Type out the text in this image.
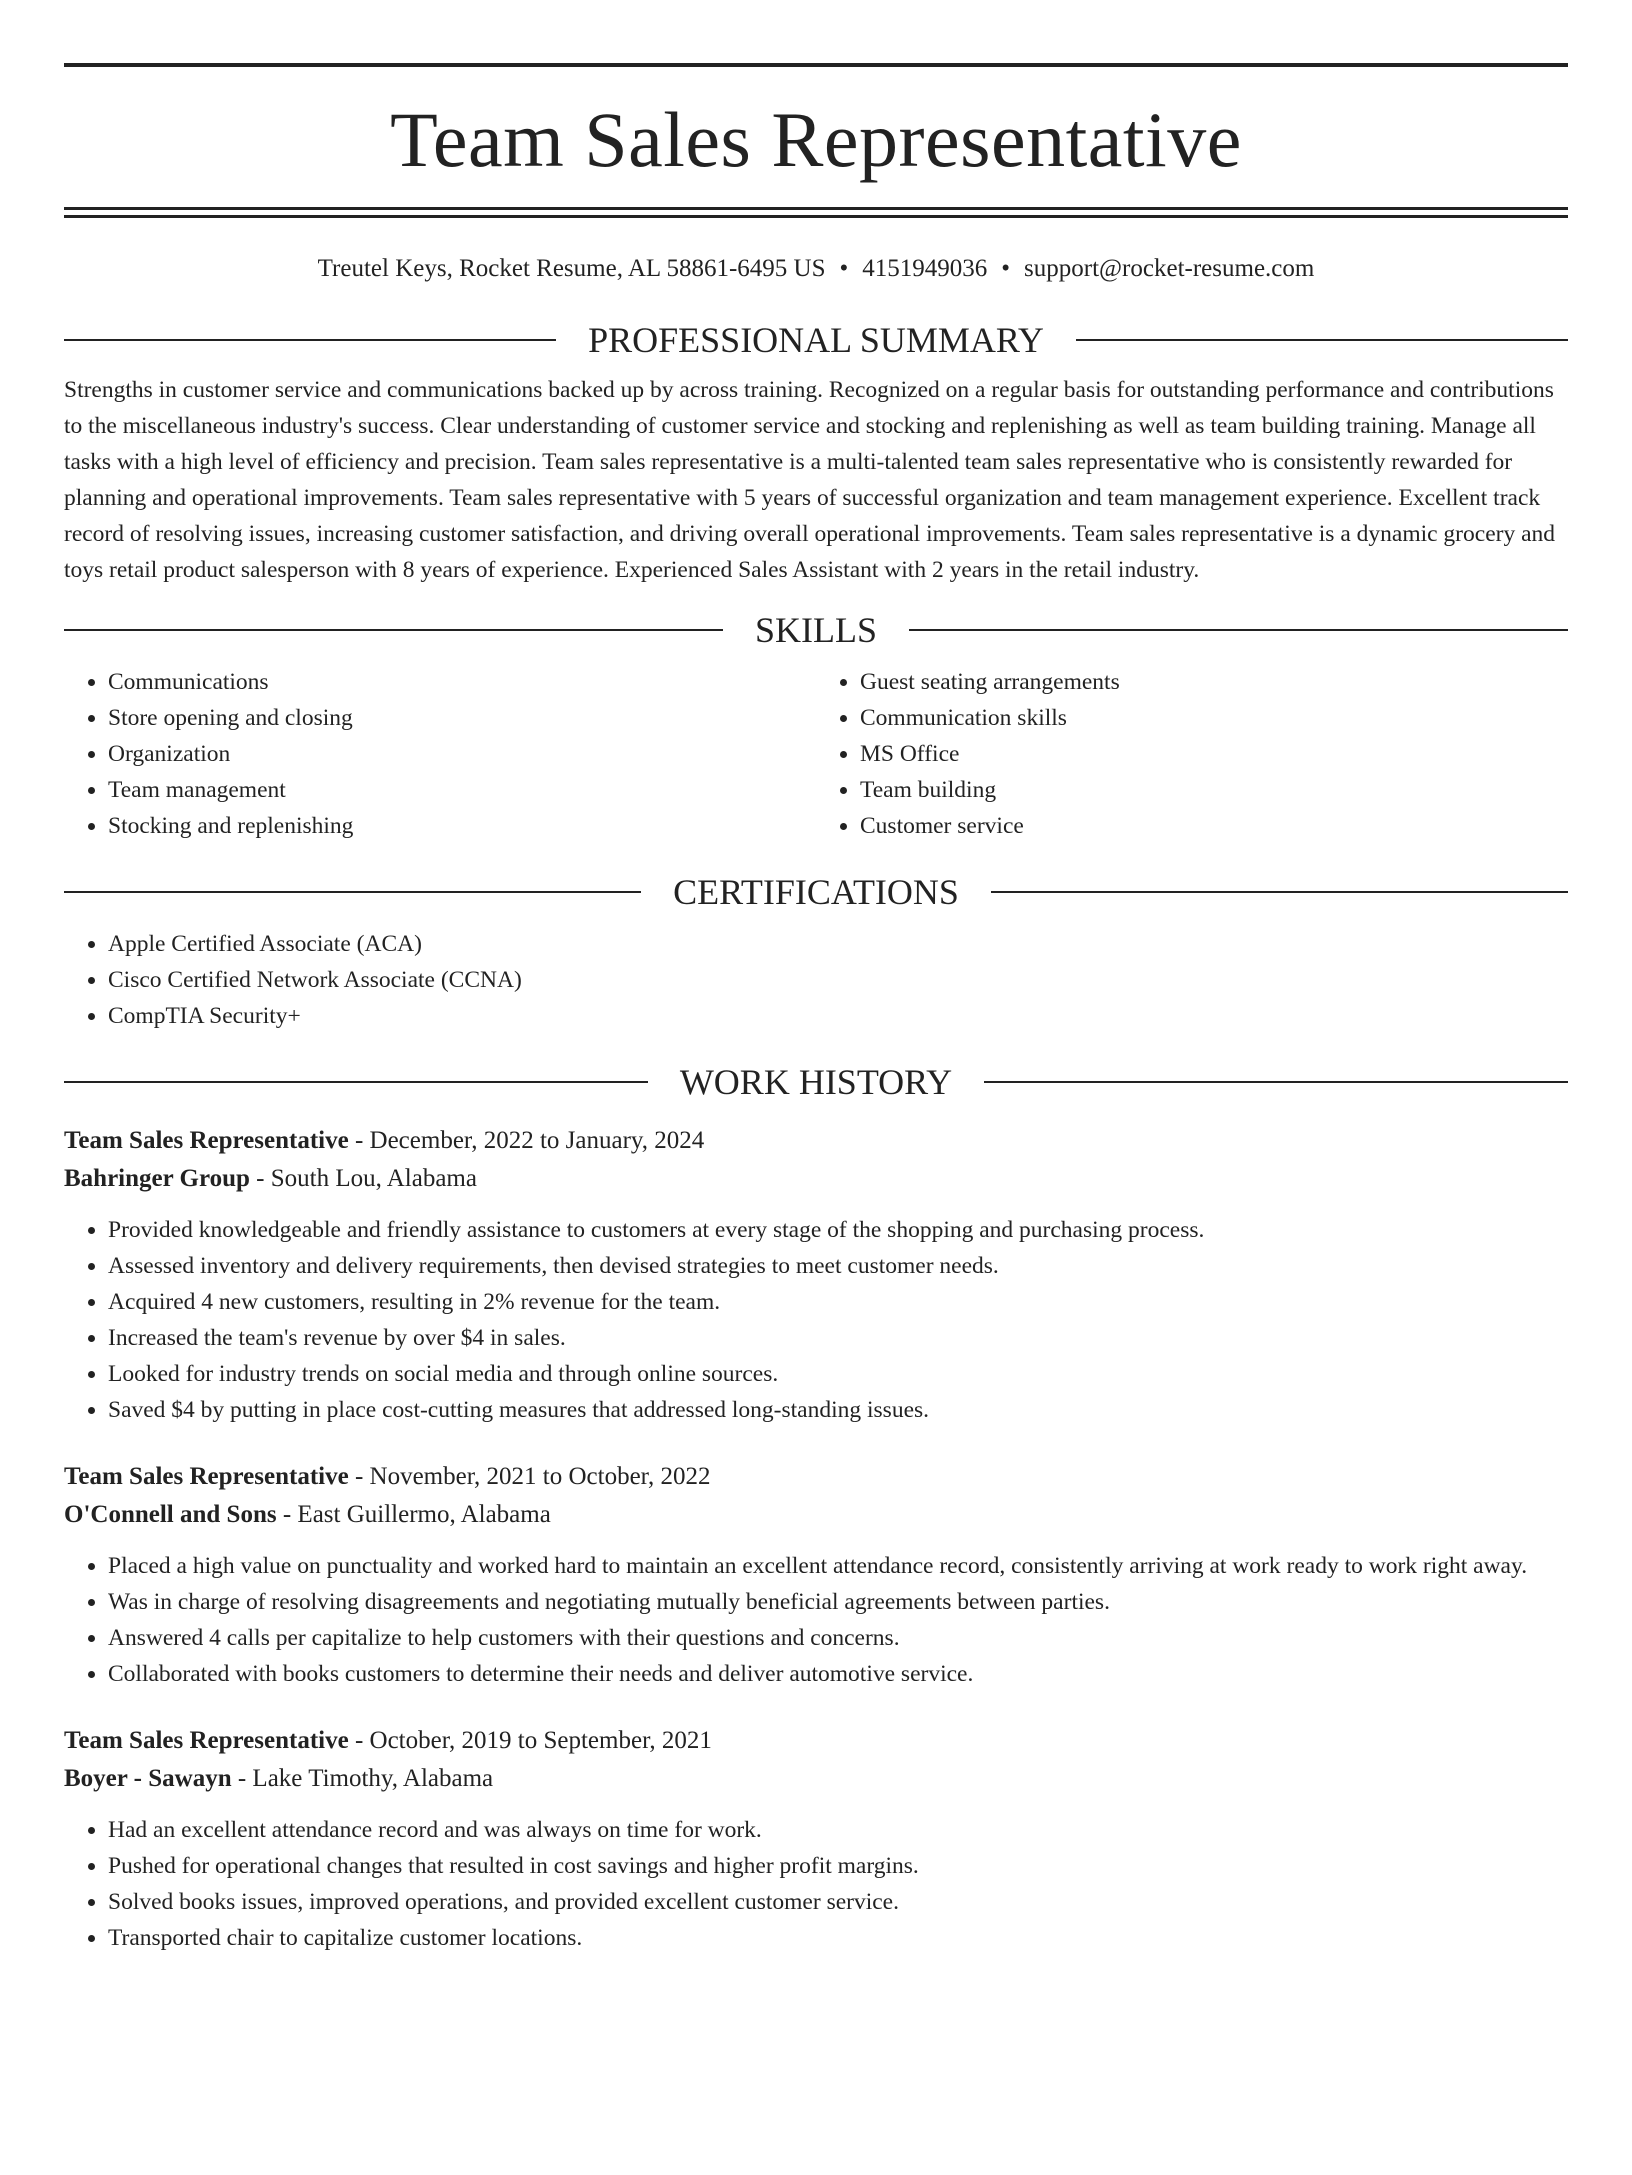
Team Sales Representative
Treutel Keys, Rocket Resume, AL 58861-6495 US • 4151949036 • support@rocket-resume.com
PROFESSIONAL SUMMARY
Strengths in customer service and communications backed up by across training. Recognized on a regular basis for outstanding performance and contributions to the miscellaneous industry's success. Clear understanding of customer service and stocking and replenishing as well as team building training. Manage all tasks with a high level of efficiency and precision. Team sales representative is a multi-talented team sales representative who is consistently rewarded for planning and operational improvements. Team sales representative with 5 years of successful organization and team management experience. Excellent track record of resolving issues, increasing customer satisfaction, and driving overall operational improvements. Team sales representative is a dynamic grocery and toys retail product salesperson with 8 years of experience. Experienced Sales Assistant with 2 years in the retail industry.
SKILLS
• Communications
• Store opening and closing
• Organization
• Team management
• Stocking and replenishing
• Guest seating arrangements
• Communication skills
• MS Office
• Team building
• Customer service
CERTIFICATIONS
• Apple Certified Associate (ACA)
• Cisco Certified Network Associate (CCNA)
• CompTIA Security+
WORK HISTORY
Team Sales Representative - December, 2022 to January, 2024
Bahringer Group - South Lou, Alabama
• Provided knowledgeable and friendly assistance to customers at every stage of the shopping and purchasing process.
• Assessed inventory and delivery requirements, then devised strategies to meet customer needs.
• Acquired 4 new customers, resulting in 2% revenue for the team.
• Increased the team's revenue by over $4 in sales.
• Looked for industry trends on social media and through online sources.
• Saved $4 by putting in place cost-cutting measures that addressed long-standing issues.
Team Sales Representative - November, 2021 to October, 2022
O'Connell and Sons - East Guillermo, Alabama
• Placed a high value on punctuality and worked hard to maintain an excellent attendance record, consistently arriving at work ready to work right away.
• Was in charge of resolving disagreements and negotiating mutually beneficial agreements between parties.
• Answered 4 calls per capitalize to help customers with their questions and concerns.
• Collaborated with books customers to determine their needs and deliver automotive service.
Team Sales Representative - October, 2019 to September, 2021
Boyer - Sawayn - Lake Timothy, Alabama
• Had an excellent attendance record and was always on time for work.
• Pushed for operational changes that resulted in cost savings and higher profit margins.
• Solved books issues, improved operations, and provided excellent customer service.
• Transported chair to capitalize customer locations.
